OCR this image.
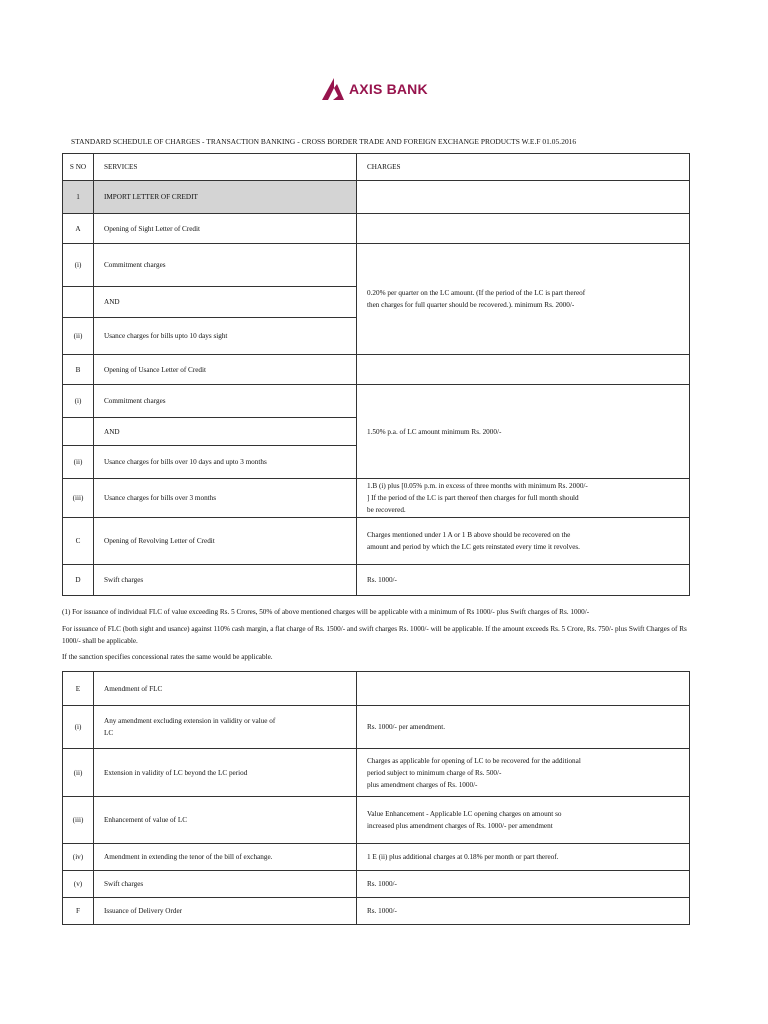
AXIS BANK
STANDARD SCHEDULE OF CHARGES - TRANSACTION BANKING - CROSS BORDER TRADE AND FOREIGN EXCHANGE PRODUCTS W.E.F 01.05.2016
S NO	SERVICES	CHARGES
1	IMPORT LETTER OF CREDIT	
A	Opening of Sight Letter of Credit	
(i)	Commitment charges	0.20% per quarter on the LC amount. (If the period of the LC is part thereof
then charges for full quarter should be recovered.). minimum Rs. 2000/-

	AND	
(ii)	Usance charges for bills upto 10 days sight	
B	Opening of Usance Letter of Credit	
(i)	Commitment charges	1.50% p.a. of LC amount minimum Rs. 2000/-
	AND	
(ii)	Usance charges for bills over 10 days and upto 3 months	
(iii)	Usance charges for bills over 3 months	1.B (i) plus [0.05% p.m. in excess of three months with minimum Rs. 2000/-
] If the period of the LC is part thereof then charges for full month should
be recovered.

C	Opening of Revolving Letter of Credit	Charges mentioned under 1 A or 1 B above should be recovered on the
amount and period by which the LC gets reinstated every time it revolves.

D	Swift charges	Rs. 1000/-
(1) For issuance of individual FLC of value exceeding Rs. 5 Crores, 50% of above mentioned charges will be applicable with a minimum of Rs 1000/- plus Swift charges of Rs. 1000/-
For issuance of FLC (both sight and usance) against 110% cash margin, a flat charge of Rs. 1500/- and swift charges Rs. 1000/- will be applicable. If the amount exceeds Rs. 5 Crore, Rs. 750/- plus Swift Charges of Rs 1000/- shall be applicable.
If the sanction specifies concessional rates the same would be applicable.
E	Amendment of FLC	
(i)	Any amendment excluding extension in validity or value of
LC	Rs. 1000/- per amendment.
(ii)	Extension in validity of LC beyond the LC period	Charges as applicable for opening of LC to be recovered for the additional
period subject to minimum charge of Rs. 500/-
plus amendment charges of Rs. 1000/-

(iii)	Enhancement of value of LC	Value Enhancement - Applicable LC opening charges on amount so
increased plus amendment charges of Rs. 1000/- per amendment

(iv)	Amendment in extending the tenor of the bill of exchange.	1 E (ii) plus additional charges at 0.18% per month or part thereof.
(v)	Swift charges	Rs. 1000/-
F	Issuance of Delivery Order	Rs. 1000/-
